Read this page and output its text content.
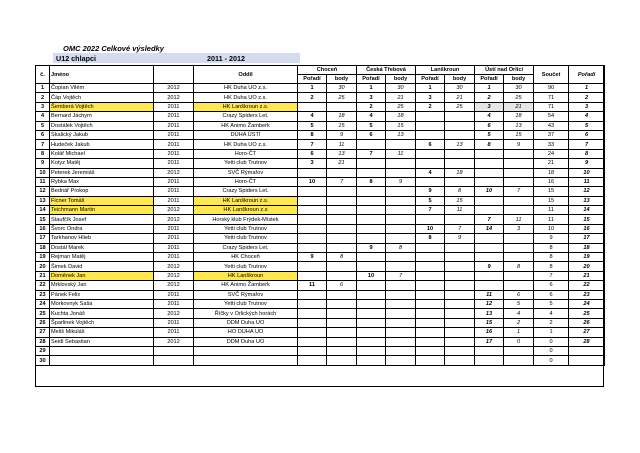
OMC 2022 Celkové výsledky
U12 chlapci	2011 - 2012
č.	Jméno		Oddíl	Choceň		Česká Třebová		Lanškroun		Ústí nad Orlicí		Součet	Pořadí
				Pořadí	body	Pořadí	body	Pořadí	body	Pořadí	body		
1	Čopian Vilém	2012	HK Duha UO z.s.	1	30	1	30	1	30	1	30	90	1
2	Čáp Vojtěch	2012	HK Duha UO z.s.	2	25	3	21	3	21	2	25	71	2
3	Šemberá Vojtěch	2011	HK Lanškroun z.s.			2	25	2	25	3	21	71	3
4	Bernard Jáchym	2011	Crazy Spiders Let.	4	18	4	18			4	18	54	4
5	Dostálek Vojtěch	2011	HK Animo Žamberk	5	15	5	15			6	13	43	5
6	Skalický Jakub	2011	DUHA ÚSTÍ	8	9	6	13			5	15	37	6
7	Hudeček Jakub	2011	HK Duha UO z.s.	7	11			6	13	8	9	33	7
8	Kolář Michael	2011	Horo-ČT	6	13	7	11					24	8
9	Kotyz Matěj	2011	Yetti club Trutnov	3	21							21	9
10	Peterek Jeremiáš	2012	SVČ Rýmařov					4	18			18	10
11	Rybka Max	2011	Horo-ČT	10	7	8	9					16	11
12	Bednář Prokop	2011	Crazy Spiders Let.					9	8	10	7	15	12
13	Ficner Tomáš	2011	HK Lanškroun z.s.					5	15			15	13
14	Teichmann Martin	2012	HK Lanškroun z.s					7	11			11	14
15	Staufčík Josef	2012	Horský klub Frýdek-Místek							7	11	11	15
16	Švorc Ondra	2011	Yetti club Trutnov					10	7	14	3	10	16
17	Tarkhanov Hlieb	2011	Yetti club Trutnov					8	9			9	17
18	Dostál Marek	2011	Crazy Spiders Let.			9	8					8	18
19	Rejman Matěj	2011	HK Choceň	9	8							8	19
20	Šimek David	2012	Yetti club Trutnov							9	8	8	20
21	Doměnek Jan	2012	HK Lanškroun			10	7					7	21
22	Mrklovský Jan	2012	HK Animo Žamberk	11	6							6	22
23	Pánek Felix	2011	SVČ Rýmařov							11	6	6	23
24	Morkovnyk Saša	2011	Yetti club Trutnov							12	5	5	24
25	Kuchta Jonáš	2012	Říčky v Orlických horách							13	4	4	25
26	Šparlinek Vojtěch	2011	DDM Duha UO							15	2	2	26
27	Meliš Mikuláš	2011	HO DUHA UO							16	1	1	27
28	Seidl Sebastian	2012	DDM Duha UO							17	0	0	28
29												0	
30												0	
